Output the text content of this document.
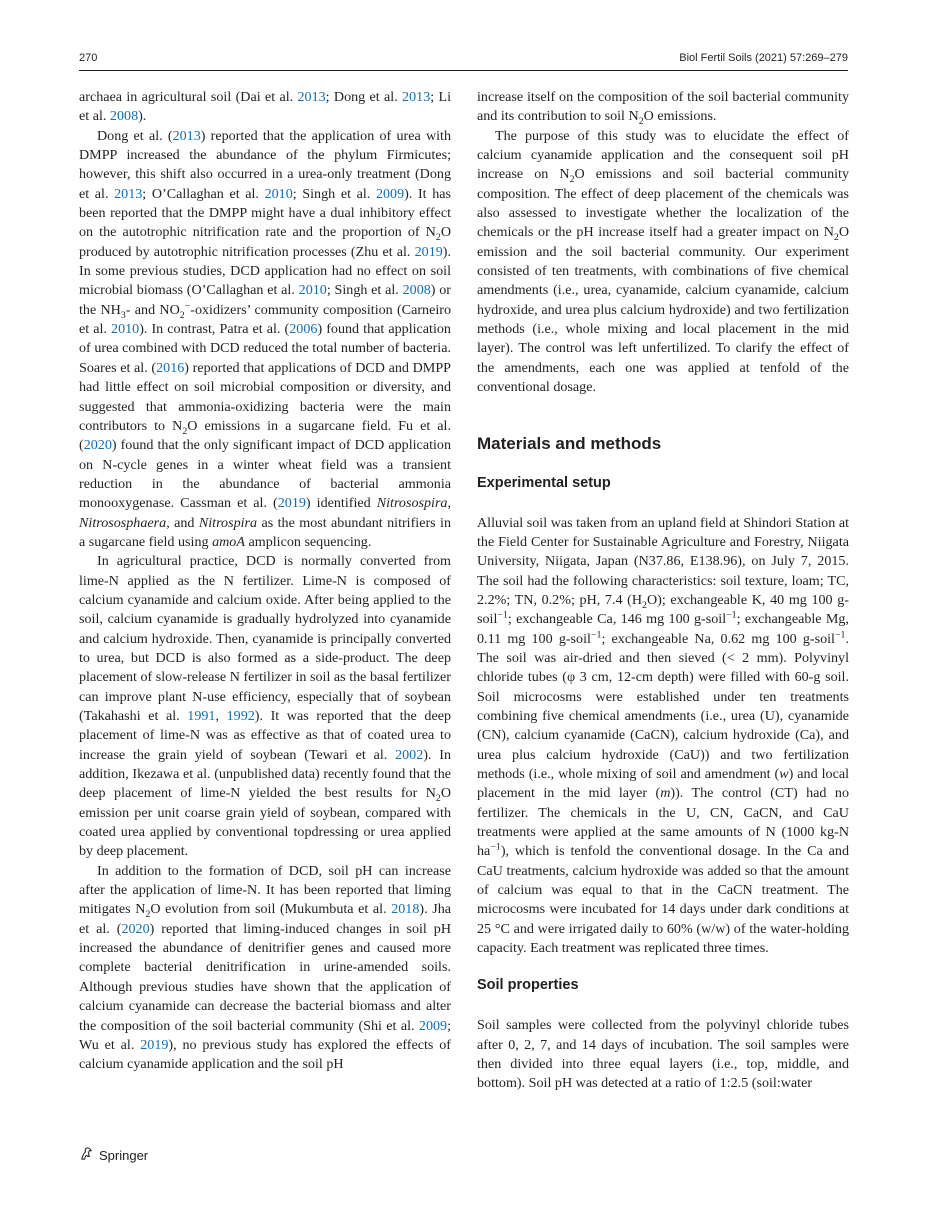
270	Biol Fertil Soils (2021) 57:269–279

archaea in agricultural soil (Dai et al. 2013; Dong et al. 2013; Li et al. 2008).

Dong et al. (2013) reported that the application of urea with DMPP increased the abundance of the phylum Firmicutes; however, this shift also occurred in a urea-only treatment (Dong et al. 2013; O’Callaghan et al. 2010; Singh et al. 2009). It has been reported that the DMPP might have a dual inhibitory effect on the autotrophic nitrification rate and the proportion of $N_2O$ produced by autotrophic nitrification processes (Zhu et al. 2019). In some previous studies, DCD application had no effect on soil microbial biomass (O’Callaghan et al. 2010; Singh et al. 2008) or the $NH_3-$ and $NO_2^-$-oxidizers’ community composition (Carneiro et al. 2010). In contrast, Patra et al. (2006) found that application of urea combined with DCD reduced the total number of bacteria. Soares et al. (2016) reported that applications of DCD and DMPP had little effect on soil microbial composition or diversity, and suggested that ammonia-oxidizing bacteria were the main contributors to $N_2O$ emissions in a sugarcane field. Fu et al. (2020) found that the only significant impact of DCD application on N-cycle genes in a winter wheat field was a transient reduction in the abundance of bacterial ammonia monooxygenase. Cassman et al. (2019) identified Nitrosospira, Nitrososphaera, and Nitrospira as the most abundant nitrifiers in a sugarcane field using amoA amplicon sequencing.

In agricultural practice, DCD is normally converted from lime-N applied as the N fertilizer. Lime-N is composed of calcium cyanamide and calcium oxide. After being applied to the soil, calcium cyanamide is gradually hydrolyzed into cyanamide and calcium hydroxide. Then, cyanamide is principally converted to urea, but DCD is also formed as a side-product. The deep placement of slow-release N fertilizer in soil as the basal fertilizer can improve plant N-use efficiency, especially that of soybean (Takahashi et al. 1991, 1992). It was reported that the deep placement of lime-N was as effective as that of coated urea to increase the grain yield of soybean (Tewari et al. 2002). In addition, Ikezawa et al. (unpublished data) recently found that the deep placement of lime-N yielded the best results for $N_2O$ emission per unit coarse grain yield of soybean, compared with coated urea applied by conventional topdressing or urea applied by deep placement.

In addition to the formation of DCD, soil pH can increase after the application of lime-N. It has been reported that liming mitigates $N_2O$ evolution from soil (Mukumbuta et al. 2018). Jha et al. (2020) reported that liming-induced changes in soil pH increased the abundance of denitrifier genes and caused more complete bacterial denitrification in urine-amended soils. Although previous studies have shown that the application of calcium cyanamide can decrease the bacterial biomass and alter the composition of the soil bacterial community (Shi et al. 2009; Wu et al. 2019), no previous study has explored the effects of calcium cyanamide application and the soil pH

increase itself on the composition of the soil bacterial community and its contribution to soil $N_2O$ emissions.

The purpose of this study was to elucidate the effect of calcium cyanamide application and the consequent soil pH increase on $N_2O$ emissions and soil bacterial community composition. The effect of deep placement of the chemicals was also assessed to investigate whether the localization of the chemicals or the pH increase itself had a greater impact on $N_2O$ emission and the soil bacterial community. Our experiment consisted of ten treatments, with combinations of five chemical amendments (i.e., urea, cyanamide, calcium cyanamide, calcium hydroxide, and urea plus calcium hydroxide) and two fertilization methods (i.e., whole mixing and local placement in the mid layer). The control was left unfertilized. To clarify the effect of the amendments, each one was applied at tenfold of the conventional dosage.

Materials and methods
Experimental setup

Alluvial soil was taken from an upland field at Shindori Station at the Field Center for Sustainable Agriculture and Forestry, Niigata University, Niigata, Japan (N37.86, E138.96), on July 7, 2015. The soil had the following characteristics: soil texture, loam; TC, 2.2%; TN, 0.2%; pH, 7.4 $(H_2O)$; exchangeable K, 40 mg 100 g-soil$^{-1}$; exchangeable Ca, 146 mg 100 g-soil$^{-1}$; exchangeable Mg, 0.11 mg 100 g-soil$^{-1}$; exchangeable Na, 0.62 mg 100 g-soil$^{-1}$. The soil was air-dried and then sieved (< 2 mm). Polyvinyl chloride tubes (φ 3 cm, 12-cm depth) were filled with 60-g soil. Soil microcosms were established under ten treatments combining five chemical amendments (i.e., urea (U), cyanamide (CN), calcium cyanamide (CaCN), calcium hydroxide (Ca), and urea plus calcium hydroxide (CaU)) and two fertilization methods (i.e., whole mixing of soil and amendment (w) and local placement in the mid layer (m)). The control (CT) had no fertilizer. The chemicals in the U, CN, CaCN, and CaU treatments were applied at the same amounts of N (1000 kg-N $ha^{-1}$), which is tenfold the conventional dosage. In the Ca and CaU treatments, calcium hydroxide was added so that the amount of calcium was equal to that in the CaCN treatment. The microcosms were incubated for 14 days under dark conditions at 25 °C and were irrigated daily to 60% (w/w) of the water-holding capacity. Each treatment was replicated three times.

Soil properties

Soil samples were collected from the polyvinyl chloride tubes after 0, 2, 7, and 14 days of incubation. The soil samples were then divided into three equal layers (i.e., top, middle, and bottom). Soil pH was detected at a ratio of 1:2.5 (soil:water

Springer
